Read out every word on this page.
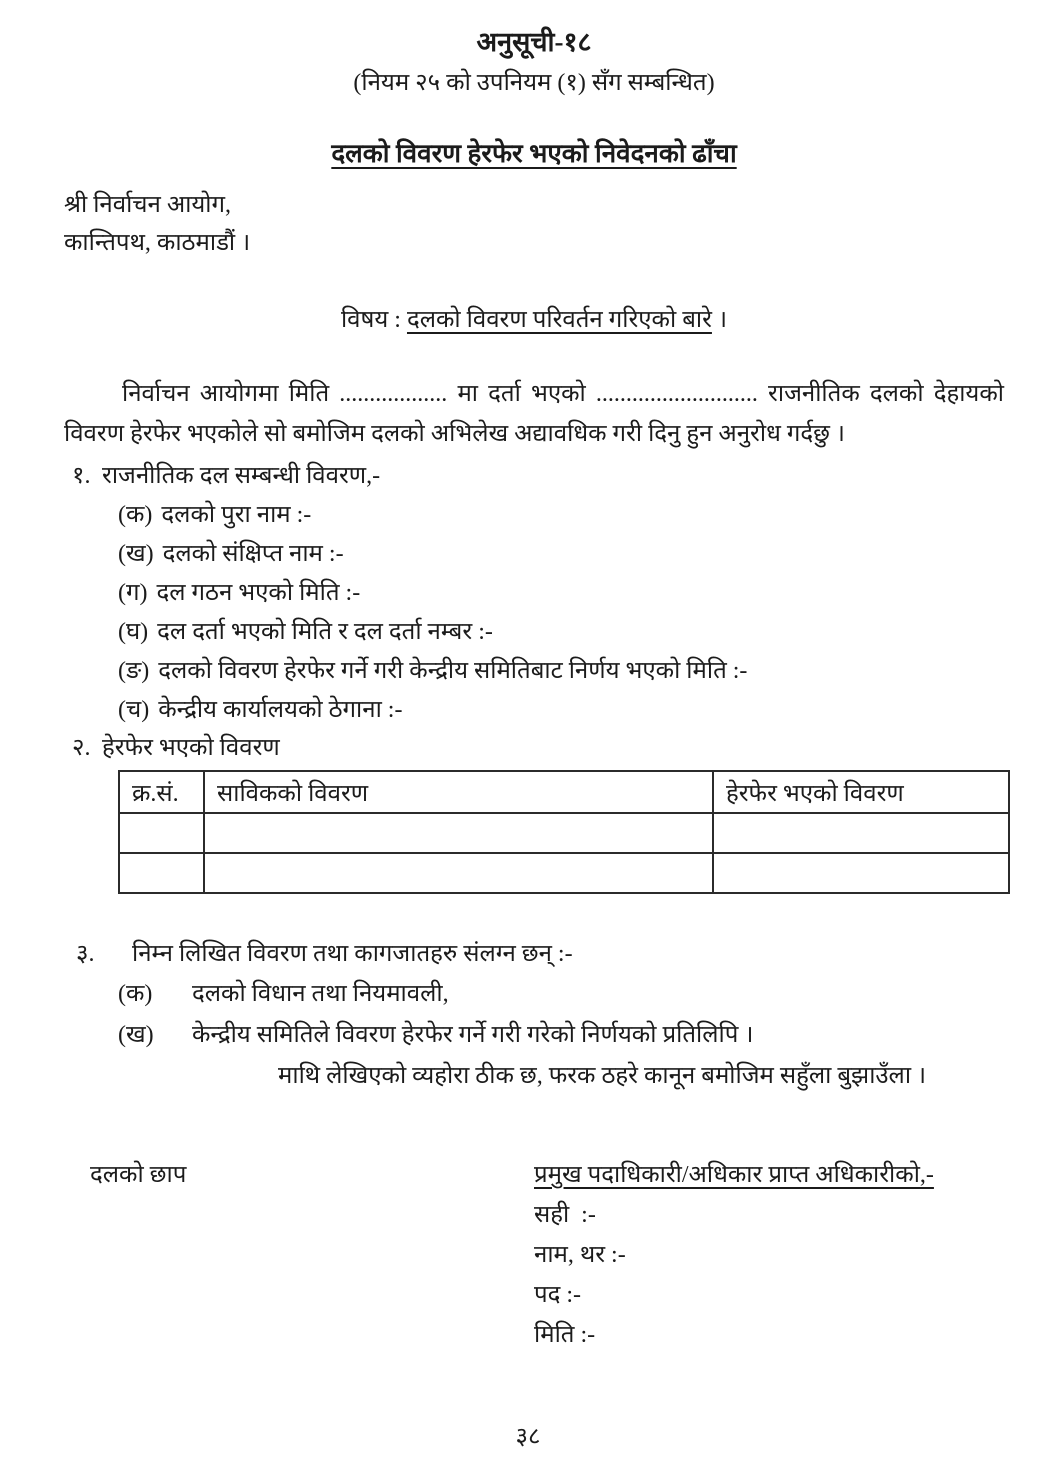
अनुसूची-१८
(नियम २५ को उपनियम (१) सँग सम्बन्धित)
दलको विवरण हेरफेर भएको निवेदनको ढाँचा
श्री निर्वाचन आयोग,
कान्तिपथ, काठमाडौं ।
विषय : दलको विवरण परिवर्तन गरिएको बारे ।

निर्वाचन आयोगमा मिति .................. मा दर्ता भएको ........................... राजनीतिक दलको देहायको विवरण हेरफेर भएकोले सो बमोजिम दलको अभिलेख अद्यावधिक गरी दिनु हुन अनुरोध गर्दछु ।

१. राजनीतिक दल सम्बन्धी विवरण,-
(क) दलको पुरा नाम :-
(ख) दलको संक्षिप्त नाम :-
(ग) दल गठन भएको मिति :-
(घ) दल दर्ता भएको मिति र दल दर्ता नम्बर :-
(ङ) दलको विवरण हेरफेर गर्ने गरी केन्द्रीय समितिबाट निर्णय भएको मिति :-
(च) केन्द्रीय कार्यालयको ठेगाना :-
२. हेरफेर भएको विवरण
क्र.सं.	साविकको विवरण	हेरफेर भएको विवरण

३.	निम्न लिखित विवरण तथा कागजातहरु संलग्न छन् :-
(क)	दलको विधान तथा नियमावली,
(ख)	केन्द्रीय समितिले विवरण हेरफेर गर्ने गरी गरेको निर्णयको प्रतिलिपि ।
माथि लेखिएको व्यहोरा ठीक छ, फरक ठहरे कानून बमोजिम सहुँला बुझाउँला ।
दलको छाप	प्रमुख पदाधिकारी/अधिकार प्राप्त अधिकारीको,-
सही  :-
नाम, थर :-
पद :-
मिति :-
३८
